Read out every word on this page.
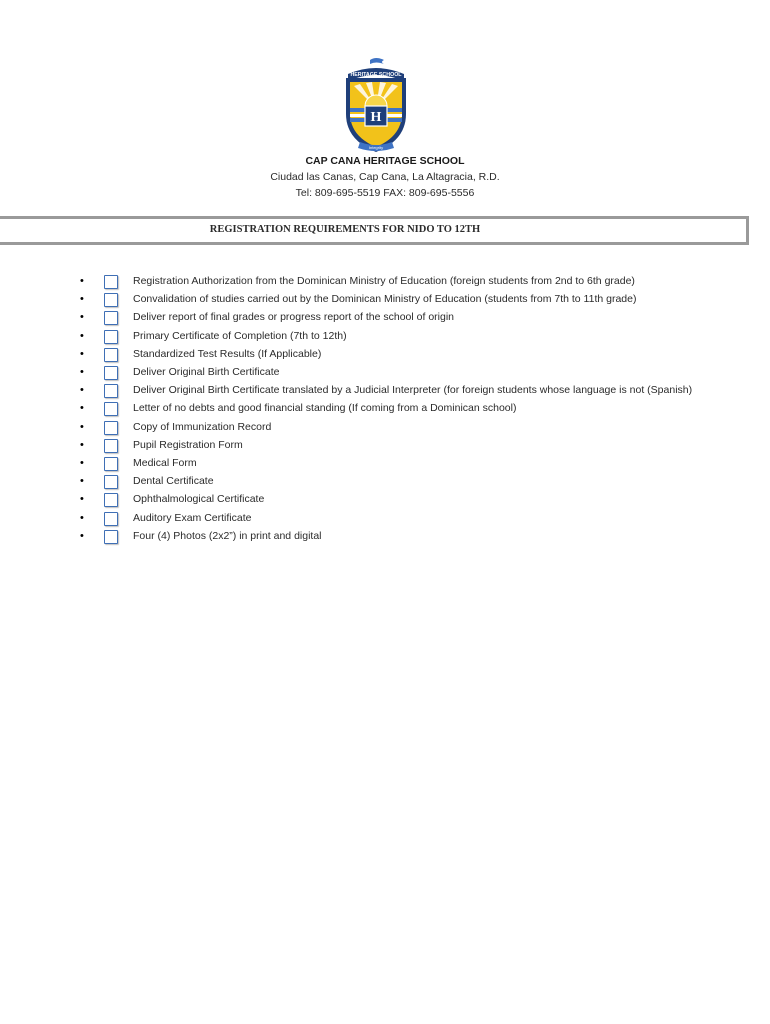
H
HERITAGE SCHOOL
Integrity
CAP CANA HERITAGE SCHOOL
Ciudad las Canas, Cap Cana, La Altagracia, R.D.
Tel: 809-695-5519 FAX: 809-695-5556
REGISTRATION REQUIREMENTS FOR NIDO TO 12TH
•	Registration Authorization from the Dominican Ministry of Education (foreign students from 2nd to 6th grade)
•	Convalidation of studies carried out by the Dominican Ministry of Education (students from 7th to 11th grade)
•	Deliver report of final grades or progress report of the school of origin
•	Primary Certificate of Completion (7th to 12th)
•	Standardized Test Results (If Applicable)
•	Deliver Original Birth Certificate
•	Deliver Original Birth Certificate translated by a Judicial Interpreter (for foreign students whose language is not (Spanish)
•	Letter of no debts and good financial standing (If coming from a Dominican school)
•	Copy of Immunization Record
•	Pupil Registration Form
•	Medical Form
•	Dental Certificate
•	Ophthalmological Certificate
•	Auditory Exam Certificate
•	Four (4) Photos (2x2”) in print and digital
